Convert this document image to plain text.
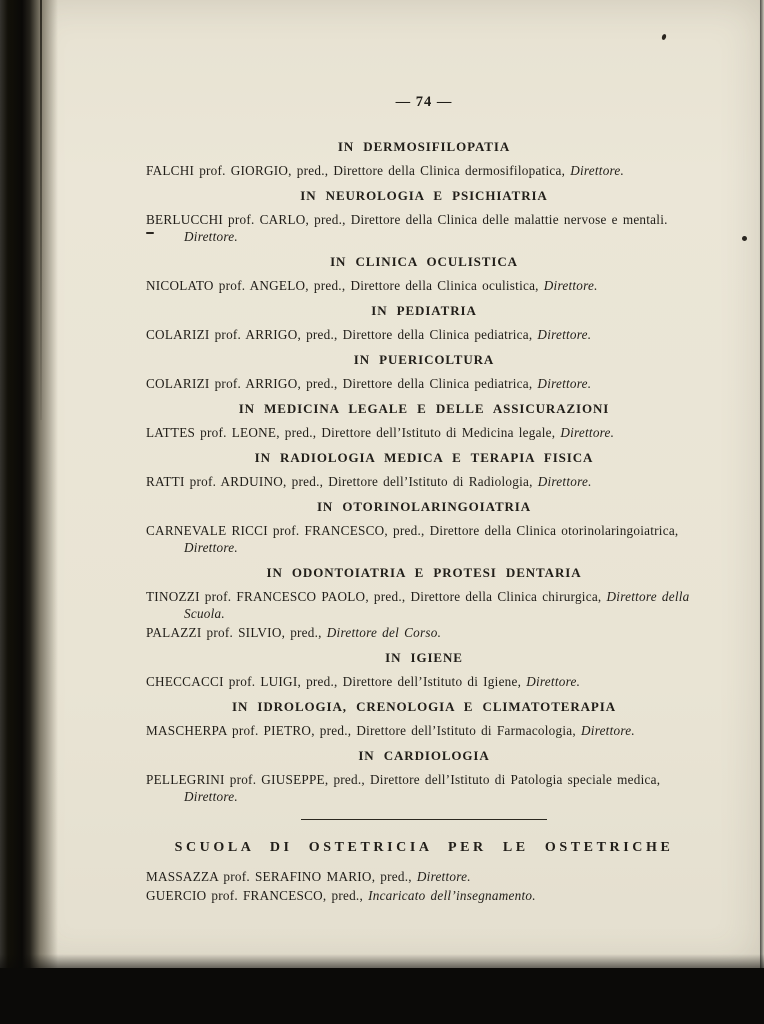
— 74 —
IN DERMOSIFILOPATIA

FALCHI prof. GIORGIO, pred., Direttore della Clinica dermosifilopatica, Direttore.

IN NEUROLOGIA E PSICHIATRIA

BERLUCCHI prof. CARLO, pred., Direttore della Clinica delle malattie nervose e mentali. Direttore.

IN CLINICA OCULISTICA

NICOLATO prof. ANGELO, pred., Direttore della Clinica oculistica, Direttore.

IN PEDIATRIA

COLARIZI prof. ARRIGO, pred., Direttore della Clinica pediatrica, Direttore.

IN PUERICOLTURA

COLARIZI prof. ARRIGO, pred., Direttore della Clinica pediatrica, Direttore.

IN MEDICINA LEGALE E DELLE ASSICURAZIONI

LATTES prof. LEONE, pred., Direttore dell’Istituto di Medicina legale, Direttore.

IN RADIOLOGIA MEDICA E TERAPIA FISICA

RATTI prof. ARDUINO, pred., Direttore dell’Istituto di Radiologia, Direttore.

IN OTORINOLARINGOIATRIA

CARNEVALE RICCI prof. FRANCESCO, pred., Direttore della Clinica otorinolaringoiatrica, Direttore.

IN ODONTOIATRIA E PROTESI DENTARIA

TINOZZI prof. FRANCESCO PAOLO, pred., Direttore della Clinica chirurgica, Direttore della Scuola.

PALAZZI prof. SILVIO, pred., Direttore del Corso.

IN IGIENE

CHECCACCI prof. LUIGI, pred., Direttore dell’Istituto di Igiene, Direttore.

IN IDROLOGIA, CRENOLOGIA E CLIMATOTERAPIA

MASCHERPA prof. PIETRO, pred., Direttore dell’Istituto di Farmacologia, Direttore.

IN CARDIOLOGIA

PELLEGRINI prof. GIUSEPPE, pred., Direttore dell’Istituto di Patologia speciale medica, Direttore.

SCUOLA DI OSTETRICIA PER LE OSTETRICHE

MASSAZZA prof. SERAFINO MARIO, pred., Direttore.

GUERCIO prof. FRANCESCO, pred., Incaricato dell’insegnamento.
